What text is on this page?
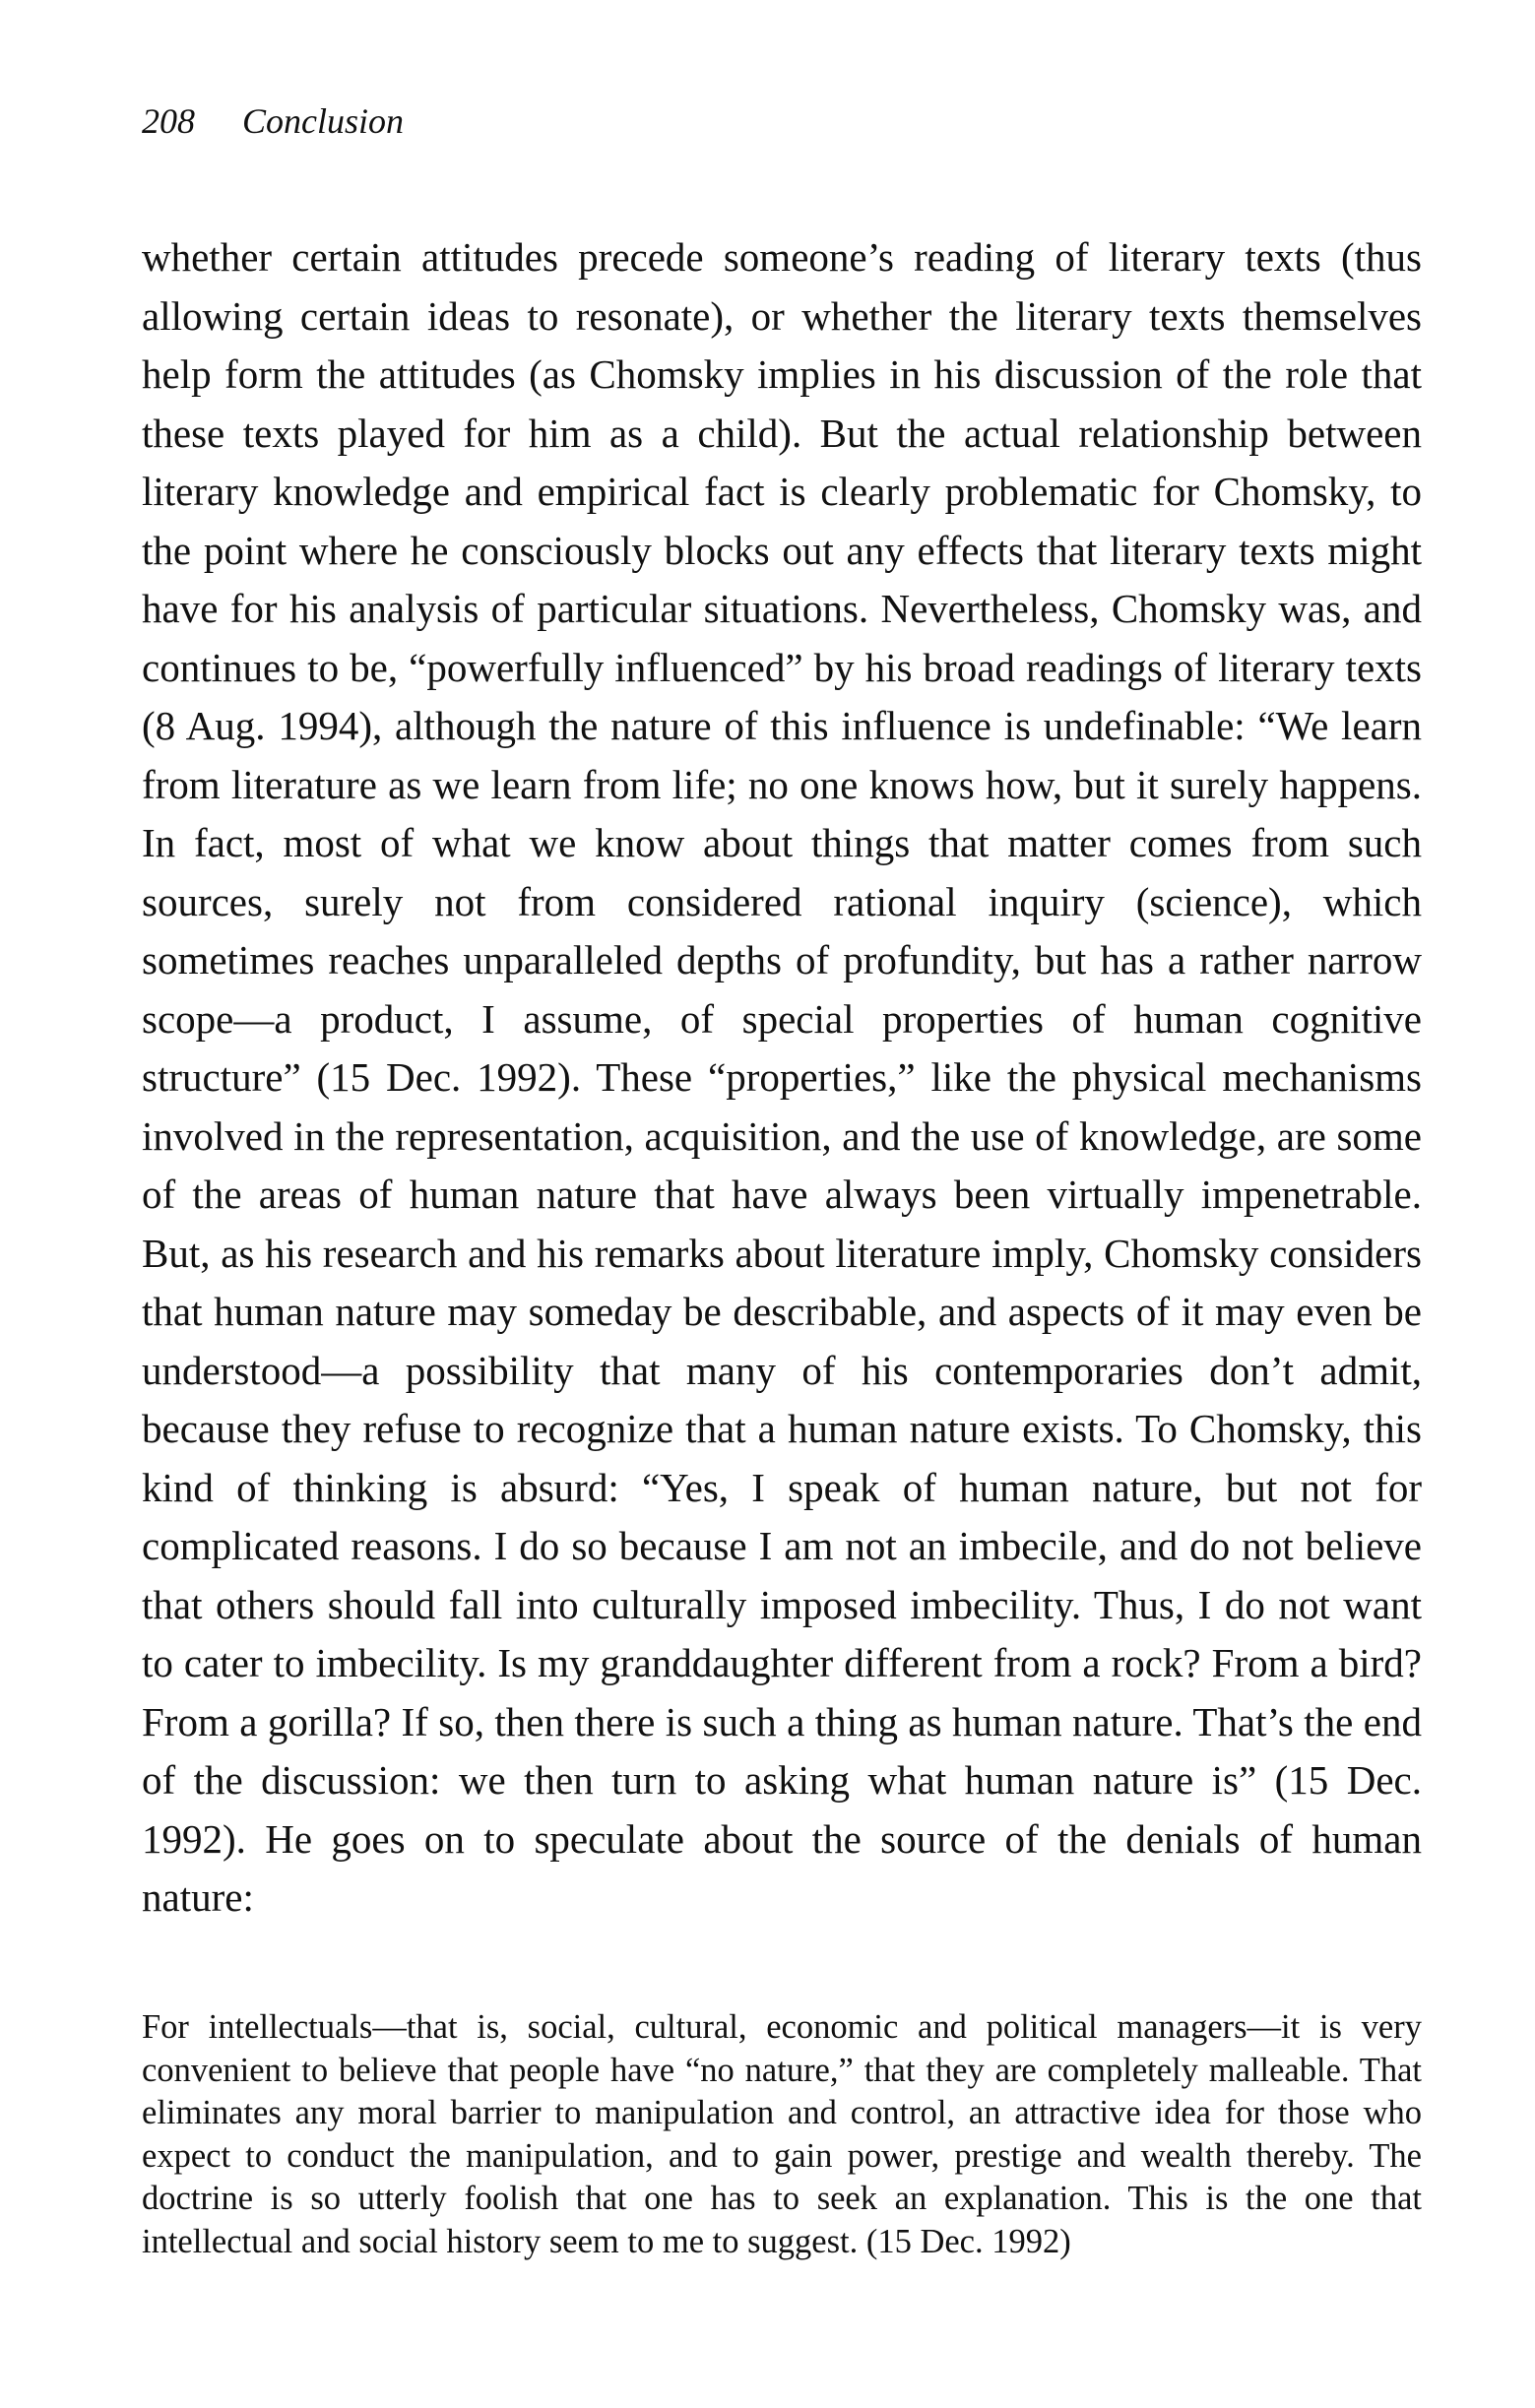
208 Conclusion

whether certain attitudes precede someone’s reading of literary texts (thus allowing certain ideas to resonate), or whether the literary texts themselves help form the attitudes (as Chomsky implies in his discussion of the role that these texts played for him as a child). But the actual relationship between literary knowledge and empirical fact is clearly problematic for Chomsky, to the point where he consciously blocks out any effects that literary texts might have for his analysis of particular situations. Nevertheless, Chomsky was, and continues to be, “powerfully influenced” by his broad readings of literary texts (8 Aug. 1994), although the nature of this influence is undefinable: “We learn from literature as we learn from life; no one knows how, but it surely happens. In fact, most of what we know about things that matter comes from such sources, surely not from considered rational inquiry (science), which sometimes reaches unparalleled depths of profundity, but has a rather narrow scope—a product, I assume, of special properties of human cognitive structure” (15 Dec. 1992). These “properties,” like the physical mechanisms involved in the representation, acquisition, and the use of knowledge, are some of the areas of human nature that have always been virtually impenetrable. But, as his research and his remarks about literature imply, Chomsky considers that human nature may someday be describable, and aspects of it may even be understood—a possibility that many of his contemporaries don’t admit, because they refuse to recognize that a human nature exists. To Chomsky, this kind of thinking is absurd: “Yes, I speak of human nature, but not for complicated reasons. I do so because I am not an imbecile, and do not believe that others should fall into culturally imposed imbecility. Thus, I do not want to cater to imbecility. Is my granddaughter different from a rock? From a bird? From a gorilla? If so, then there is such a thing as human nature. That’s the end of the discussion: we then turn to asking what human nature is” (15 Dec. 1992). He goes on to speculate about the source of the denials of human nature:

For intellectuals—that is, social, cultural, economic and political managers—it is very convenient to believe that people have “no nature,” that they are completely malleable. That eliminates any moral barrier to manipulation and control, an attractive idea for those who expect to conduct the manipulation, and to gain power, prestige and wealth thereby. The doctrine is so utterly foolish that one has to seek an explanation. This is the one that intellectual and social history seem to me to suggest. (15 Dec. 1992)
